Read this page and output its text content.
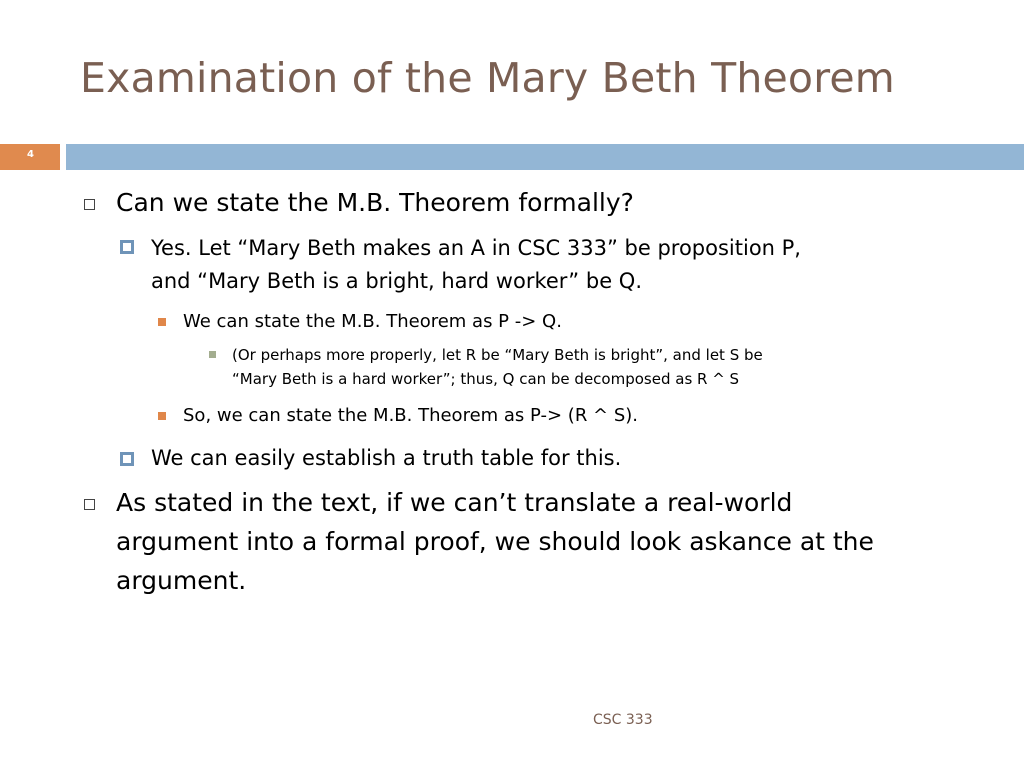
Examination of the Mary Beth Theorem
4
Can we state the M.B. Theorem formally?
Yes. Let “Mary Beth makes an A in CSC 333” be proposition P,
and “Mary Beth is a bright, hard worker” be Q.
We can state the M.B. Theorem as P -> Q.
(Or perhaps more properly, let R be “Mary Beth is bright”, and let S be
“Mary Beth is a hard worker”; thus, Q can be decomposed as R ^ S
So, we can state the M.B. Theorem as P-> (R ^ S).
We can easily establish a truth table for this.
As stated in the text, if we can’t translate a real-world
argument into a formal proof, we should look askance at the
argument.
CSC 333
